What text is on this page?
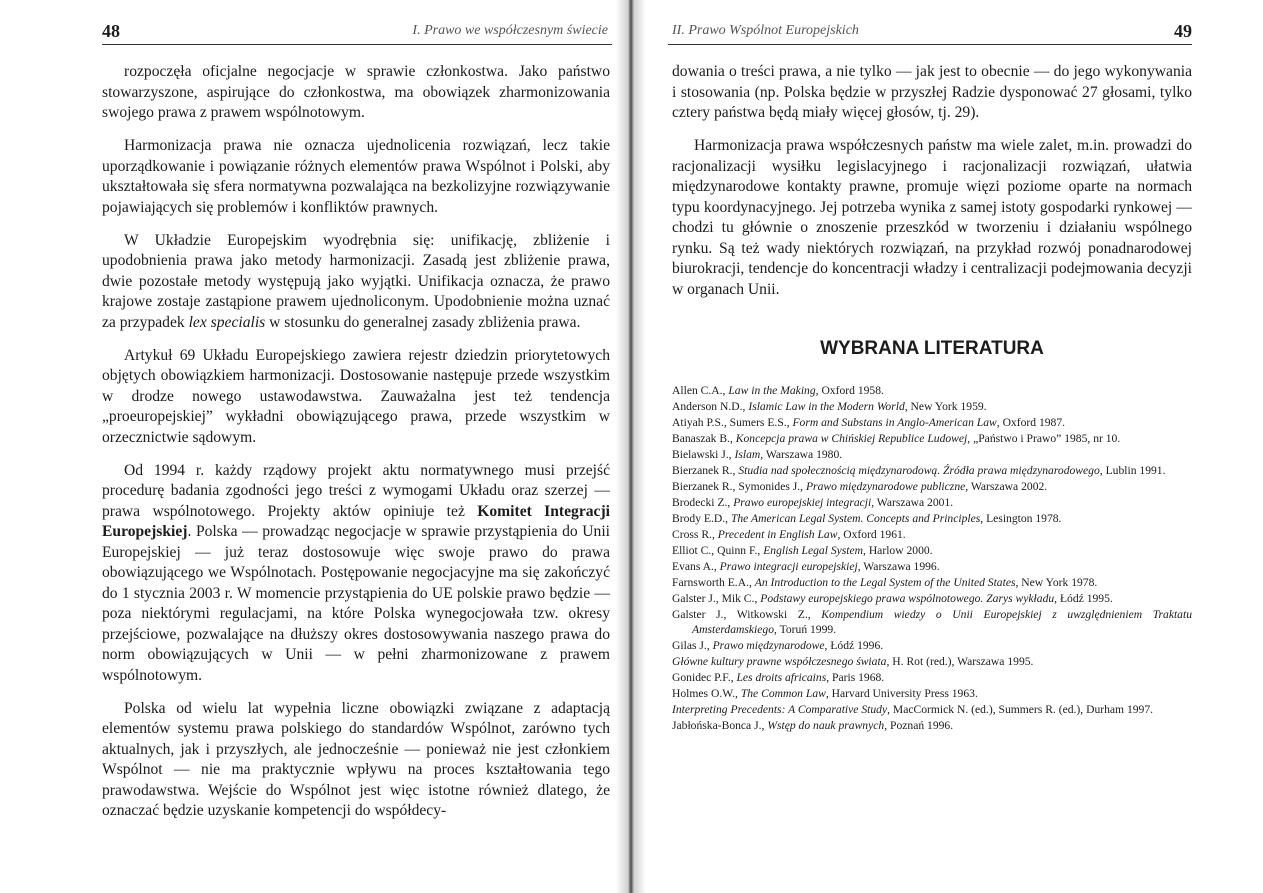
48	I. Prawo we współczesnym świecie

rozpoczęła oficjalne negocjacje w sprawie członkostwa. Jako państwo stowarzyszone, aspirujące do członkostwa, ma obowiązek zharmonizowania swojego prawa z prawem wspólnotowym.

Harmonizacja prawa nie oznacza ujednolicenia rozwiązań, lecz takie uporządkowanie i powiązanie różnych elementów prawa Wspólnot i Polski, aby ukształtowała się sfera normatywna pozwalająca na bezkolizyjne rozwiązywanie pojawiających się problemów i konfliktów prawnych.

W Układzie Europejskim wyodrębnia się: unifikację, zbliżenie i upodobnienia prawa jako metody harmonizacji. Zasadą jest zbliżenie prawa, dwie pozostałe metody występują jako wyjątki. Unifikacja oznacza, że prawo krajowe zostaje zastąpione prawem ujednoliconym. Upodobnienie można uznać za przypadek lex specialis w stosunku do generalnej zasady zbliżenia prawa.

Artykuł 69 Układu Europejskiego zawiera rejestr dziedzin priorytetowych objętych obowiązkiem harmonizacji. Dostosowanie następuje przede wszystkim w drodze nowego ustawodawstwa. Zauważalna jest też tendencja „proeuropejskiej” wykładni obowiązującego prawa, przede wszystkim w orzecznictwie sądowym.

Od 1994 r. każdy rządowy projekt aktu normatywnego musi przejść procedurę badania zgodności jego treści z wymogami Układu oraz szerzej — prawa wspólnotowego. Projekty aktów opiniuje też Komitet Integracji Europejskiej. Polska — prowadząc negocjacje w sprawie przystąpienia do Unii Europejskiej — już teraz dostosowuje więc swoje prawo do prawa obowiązującego we Wspólnotach. Postępowanie negocjacyjne ma się zakończyć do 1 stycznia 2003 r. W momencie przystąpienia do UE polskie prawo będzie — poza niektórymi regulacjami, na które Polska wynegocjowała tzw. okresy przejściowe, pozwalające na dłuższy okres dostosowywania naszego prawa do norm obowiązujących w Unii — w pełni zharmonizowane z prawem wspólnotowym.

Polska od wielu lat wypełnia liczne obowiązki związane z adaptacją elementów systemu prawa polskiego do standardów Wspólnot, zarówno tych aktualnych, jak i przyszłych, ale jednocześnie — ponieważ nie jest członkiem Wspólnot — nie ma praktycznie wpływu na proces kształtowania tego prawodawstwa. Wejście do Wspólnot jest więc istotne również dlatego, że oznaczać będzie uzyskanie kompetencji do współdecy-

II. Prawo Wspólnot Europejskich	49

dowania o treści prawa, a nie tylko — jak jest to obecnie — do jego wykonywania i stosowania (np. Polska będzie w przyszłej Radzie dysponować 27 głosami, tylko cztery państwa będą miały więcej głosów, tj. 29).

Harmonizacja prawa współczesnych państw ma wiele zalet, m.in. prowadzi do racjonalizacji wysiłku legislacyjnego i racjonalizacji rozwiązań, ułatwia międzynarodowe kontakty prawne, promuje więzi poziome oparte na normach typu koordynacyjnego. Jej potrzeba wynika z samej istoty gospodarki rynkowej — chodzi tu głównie o znoszenie przeszkód w tworzeniu i działaniu wspólnego rynku. Są też wady niektórych rozwiązań, na przykład rozwój ponadnarodowej biurokracji, tendencje do koncentracji władzy i centralizacji podejmowania decyzji w organach Unii.

WYBRANA LITERATURA
Allen C.A., Law in the Making, Oxford 1958.
Anderson N.D., Islamic Law in the Modern World, New York 1959.
Atiyah P.S., Sumers E.S., Form and Substans in Anglo-American Law, Oxford 1987.
Banaszak B., Koncepcja prawa w Chińskiej Republice Ludowej, „Państwo i Prawo” 1985, nr 10.
Bielawski J., Islam, Warszawa 1980.
Bierzanek R., Studia nad społecznością międzynarodową. Źródła prawa międzynarodowego, Lublin 1991.
Bierzanek R., Symonides J., Prawo międzynarodowe publiczne, Warszawa 2002.
Brodecki Z., Prawo europejskiej integracji, Warszawa 2001.
Brody E.D., The American Legal System. Concepts and Principles, Lesington 1978.
Cross R., Precedent in English Law, Oxford 1961.
Elliot C., Quinn F., English Legal System, Harlow 2000.
Evans A., Prawo integracji europejskiej, Warszawa 1996.
Farnsworth E.A., An Introduction to the Legal System of the United States, New York 1978.
Galster J., Mik C., Podstawy europejskiego prawa wspólnotowego. Zarys wykładu, Łódź 1995.
Galster J., Witkowski Z., Kompendium wiedzy o Unii Europejskiej z uwzględnieniem Traktatu Amsterdamskiego, Toruń 1999.
Gilas J., Prawo międzynarodowe, Łódź 1996.
Główne kultury prawne współczesnego świata, H. Rot (red.), Warszawa 1995.
Gonidec P.F., Les droits africains, Paris 1968.
Holmes O.W., The Common Law, Harvard University Press 1963.
Interpreting Precedents: A Comparative Study, MacCormick N. (ed.), Summers R. (ed.), Durham 1997.
Jabłońska-Bonca J., Wstęp do nauk prawnych, Poznań 1996.
